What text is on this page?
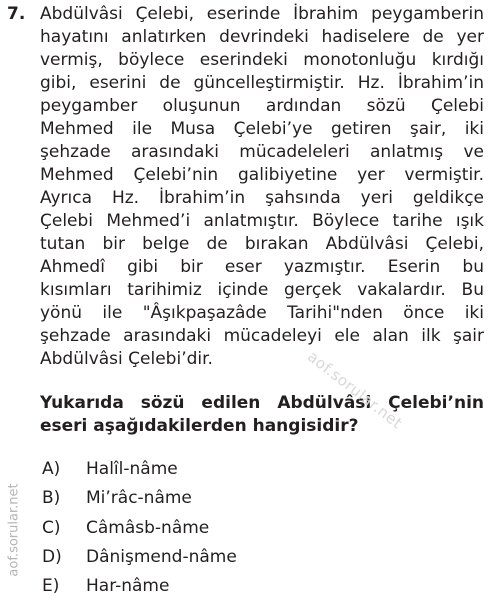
7. Abdülvâsi Çelebi, eserinde İbrahim peygamberin
hayatını anlatırken devrindeki hadiselere de yer
vermiş, böylece eserindeki monotonluğu kırdığı
gibi, eserini de güncelleştirmiştir. Hz. İbrahim’in
peygamber oluşunun ardından sözü Çelebi
Mehmed ile Musa Çelebi’ye getiren şair, iki
şehzade arasındaki mücadeleleri anlatmış ve
Mehmed Çelebi’nin galibiyetine yer vermiştir.
Ayrıca Hz. İbrahim’in şahsında yeri geldikçe
Çelebi Mehmed’i anlatmıştır. Böylece tarihe ışık
tutan bir belge de bırakan Abdülvâsi Çelebi,
Ahmedî gibi bir eser yazmıştır. Eserin bu
kısımları tarihimiz içinde gerçek vakalardır. Bu
yönü ile "Âşıkpaşazâde Tarihi"nden önce iki
şehzade arasındaki mücadeleyi ele alan ilk şair
Abdülvâsi Çelebi’dir.
Yukarıda sözü edilen Abdülvâsi Çelebi’nin
eseri aşağıdakilerden hangisidir?
A) Halîl-nâme
B) Mi’râc-nâme
C) Câmâsb-nâme
D) Dânişmend-nâme
E) Har-nâme
aof.sorular.net
aof.sorular.net
